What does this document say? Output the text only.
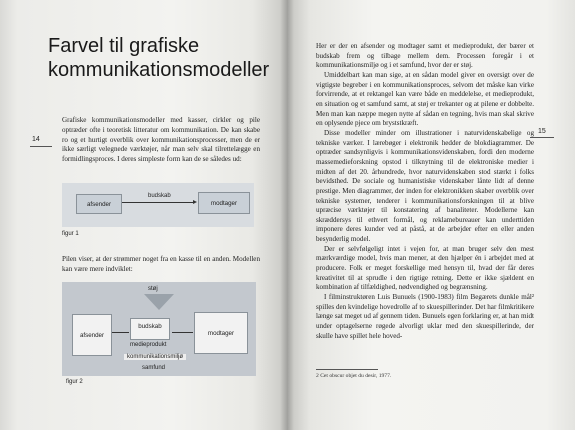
Farvel til grafiske kommunikationsmodeller
14

Grafiske kommunikationsmodeller med kasser, cirkler og pile optræder ofte i teoretisk litteratur om kommunikation. De kan skabe ro og et hurtigt overblik over kommunikationsprocesser, men de er ikke særligt velegnede værktøjer, når man selv skal tilrettelægge en formidlingsproces. I deres simpleste form kan de se således ud:

afsender
budskab
modtager
figur 1

Pilen viser, at der strømmer noget fra en kasse til en anden. Modellen kan være mere indviklet:

støj
afsender
budskab
medieprodukt
modtager
kommunikationsmiljø
samfund
figur 2
15

Her er der en afsender og modtager samt et medieprodukt, der bærer et budskab frem og tilbage mellem dem. Processen foregår i et kommunikationsmiljø og i et samfund, hvor der er støj.

Umiddelbart kan man sige, at en sådan model giver en oversigt over de vigtigste begreber i en kommunikationsproces, selvom det måske kan virke forvirrende, at et rektangel kan være både en meddelelse, et medieprodukt, en situation og et samfund samt, at støj er trekanter og at pilene er dobbelte. Men man kan næppe megen nytte af sådan en tegning, hvis man skal skrive en oplysende pjece om bryststkræft.

Disse modeller minder om illustrationer i naturvidenskabelige og tekniske værker. I lærebøger i elektronik hedder de blokdiagrammer. De optræder sandsynligvis i kommunikationsvidenskaben, fordi den moderne massemedieforskning opstod i tilknytning til de elektroniske medier i midten af det 20. århundrede, hvor naturvidenskaben stod stærkt i folks bevidsthed. De sociale og humanistiske videnskaber lånte lidt af denne prestige. Men diagrammer, der inden for elektronikken skaber overblik over tekniske systemer, tenderer i kommunikationsforskningen til at blive upræcise værktøjer til konstatering af banaliteter. Modellerne kan skræddersys til ethvert formål, og reklamebureauer kan underttiden imponere deres kunder ved at påstå, at de arbejder efter en eller anden besynderlig model.

Der er selvfølgeligt intet i vejen for, at man bruger selv den mest mærkværdige model, hvis man mener, at den hjælper én i arbejdet med at producere. Folk er meget forskellige med hensyn til, hvad der får deres kreativitet til at sprudle i den rigtige retning. Dette er ikke sjældent en kombination af tilfældighed, nødvendighed og begrænsning.

I filminstruktøren Luis Bunuels (1900-1983) film Begærets dunkle mål² spilles den kvindelige hovedrolle af to skuespillerinder. Det har filmkritikere længe sat meget ud af gennem tiden. Bunuels egen forklaring er, at han midt under optagelserne røgede alvorligt uklar med den skuespillerinde, der skulle have spillet hele hoved-

2 Cet obscur objet du desir, 1977.
